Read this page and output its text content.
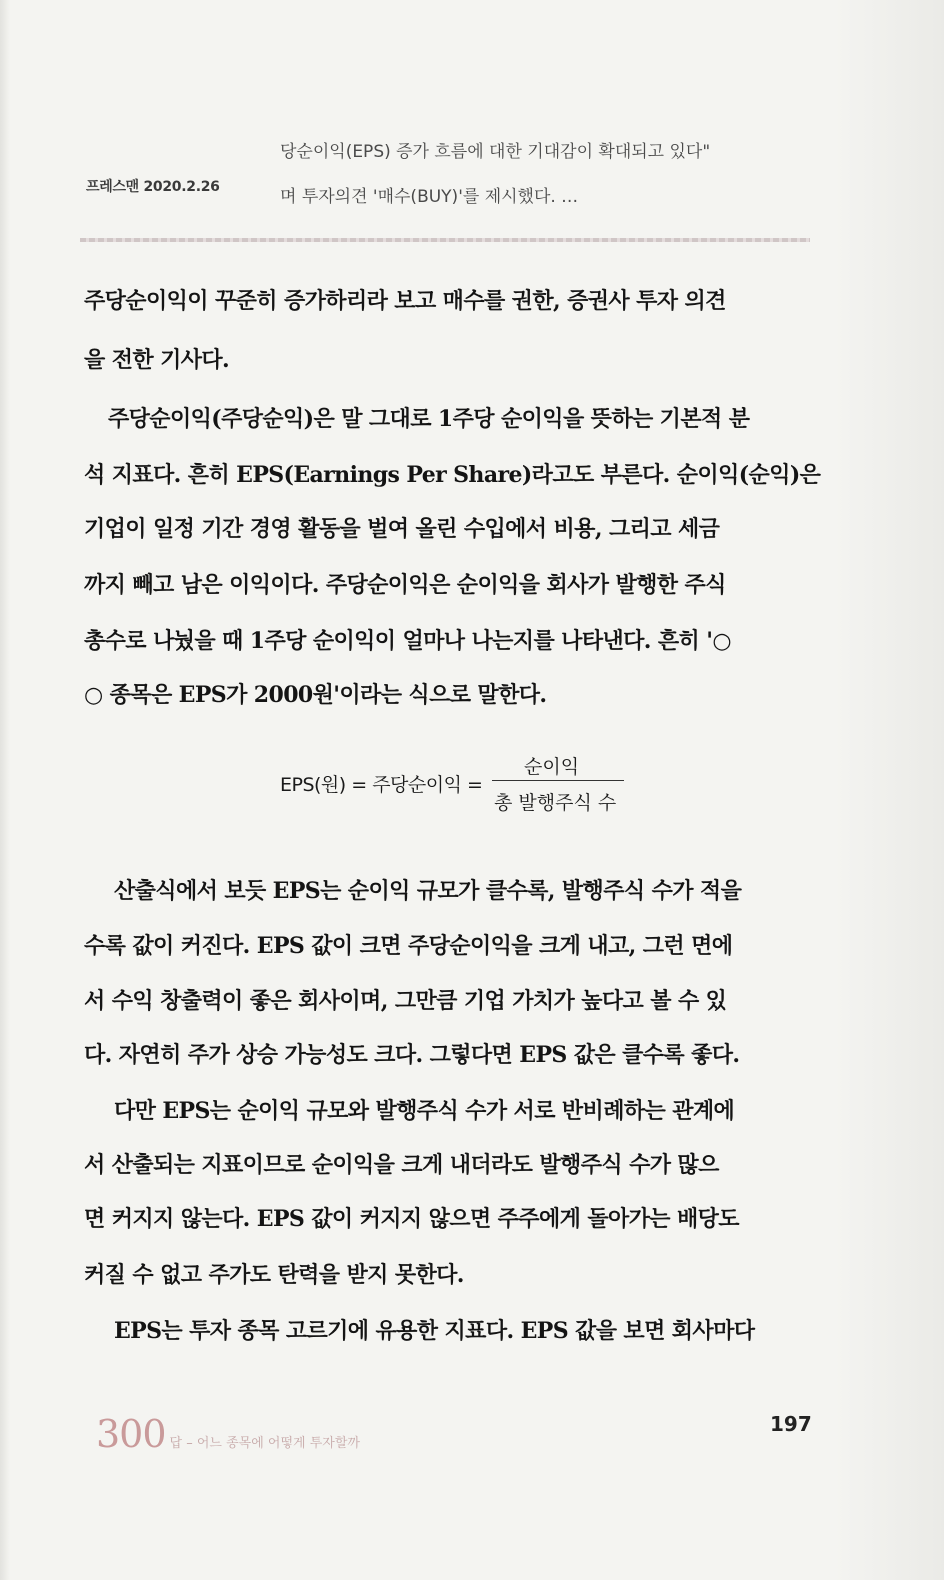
프레스맨 2020.2.26
당순이익(EPS) 증가 흐름에 대한 기대감이 확대되고 있다"
며 투자의견 '매수(BUY)'를 제시했다. …
주당순이익이 꾸준히 증가하리라 보고 매수를 권한, 증권사 투자 의견
을 전한 기사다.
주당순이익(주당순익)은 말 그대로 1주당 순이익을 뜻하는 기본적 분
석 지표다. 흔히 EPS(Earnings Per Share)라고도 부른다. 순이익(순익)은
기업이 일정 기간 경영 활동을 벌여 올린 수입에서 비용, 그리고 세금
까지 빼고 남은 이익이다. 주당순이익은 순이익을 회사가 발행한 주식
총수로 나눴을 때 1주당 순이익이 얼마나 나는지를 나타낸다. 흔히 '○
○ 종목은 EPS가 2000원'이라는 식으로 말한다.
EPS(원) = 주당순이익 =
순이익
총 발행주식 수
산출식에서 보듯 EPS는 순이익 규모가 클수록, 발행주식 수가 적을
수록 값이 커진다. EPS 값이 크면 주당순이익을 크게 내고, 그런 면에
서 수익 창출력이 좋은 회사이며, 그만큼 기업 가치가 높다고 볼 수 있
다. 자연히 주가 상승 가능성도 크다. 그렇다면 EPS 값은 클수록 좋다.
다만 EPS는 순이익 규모와 발행주식 수가 서로 반비례하는 관계에
서 산출되는 지표이므로 순이익을 크게 내더라도 발행주식 수가 많으
면 커지지 않는다. EPS 값이 커지지 않으면 주주에게 돌아가는 배당도
커질 수 없고 주가도 탄력을 받지 못한다.
EPS는 투자 종목 고르기에 유용한 지표다. EPS 값을 보면 회사마다
300 답 – 어느 종목에 어떻게 투자할까
197
